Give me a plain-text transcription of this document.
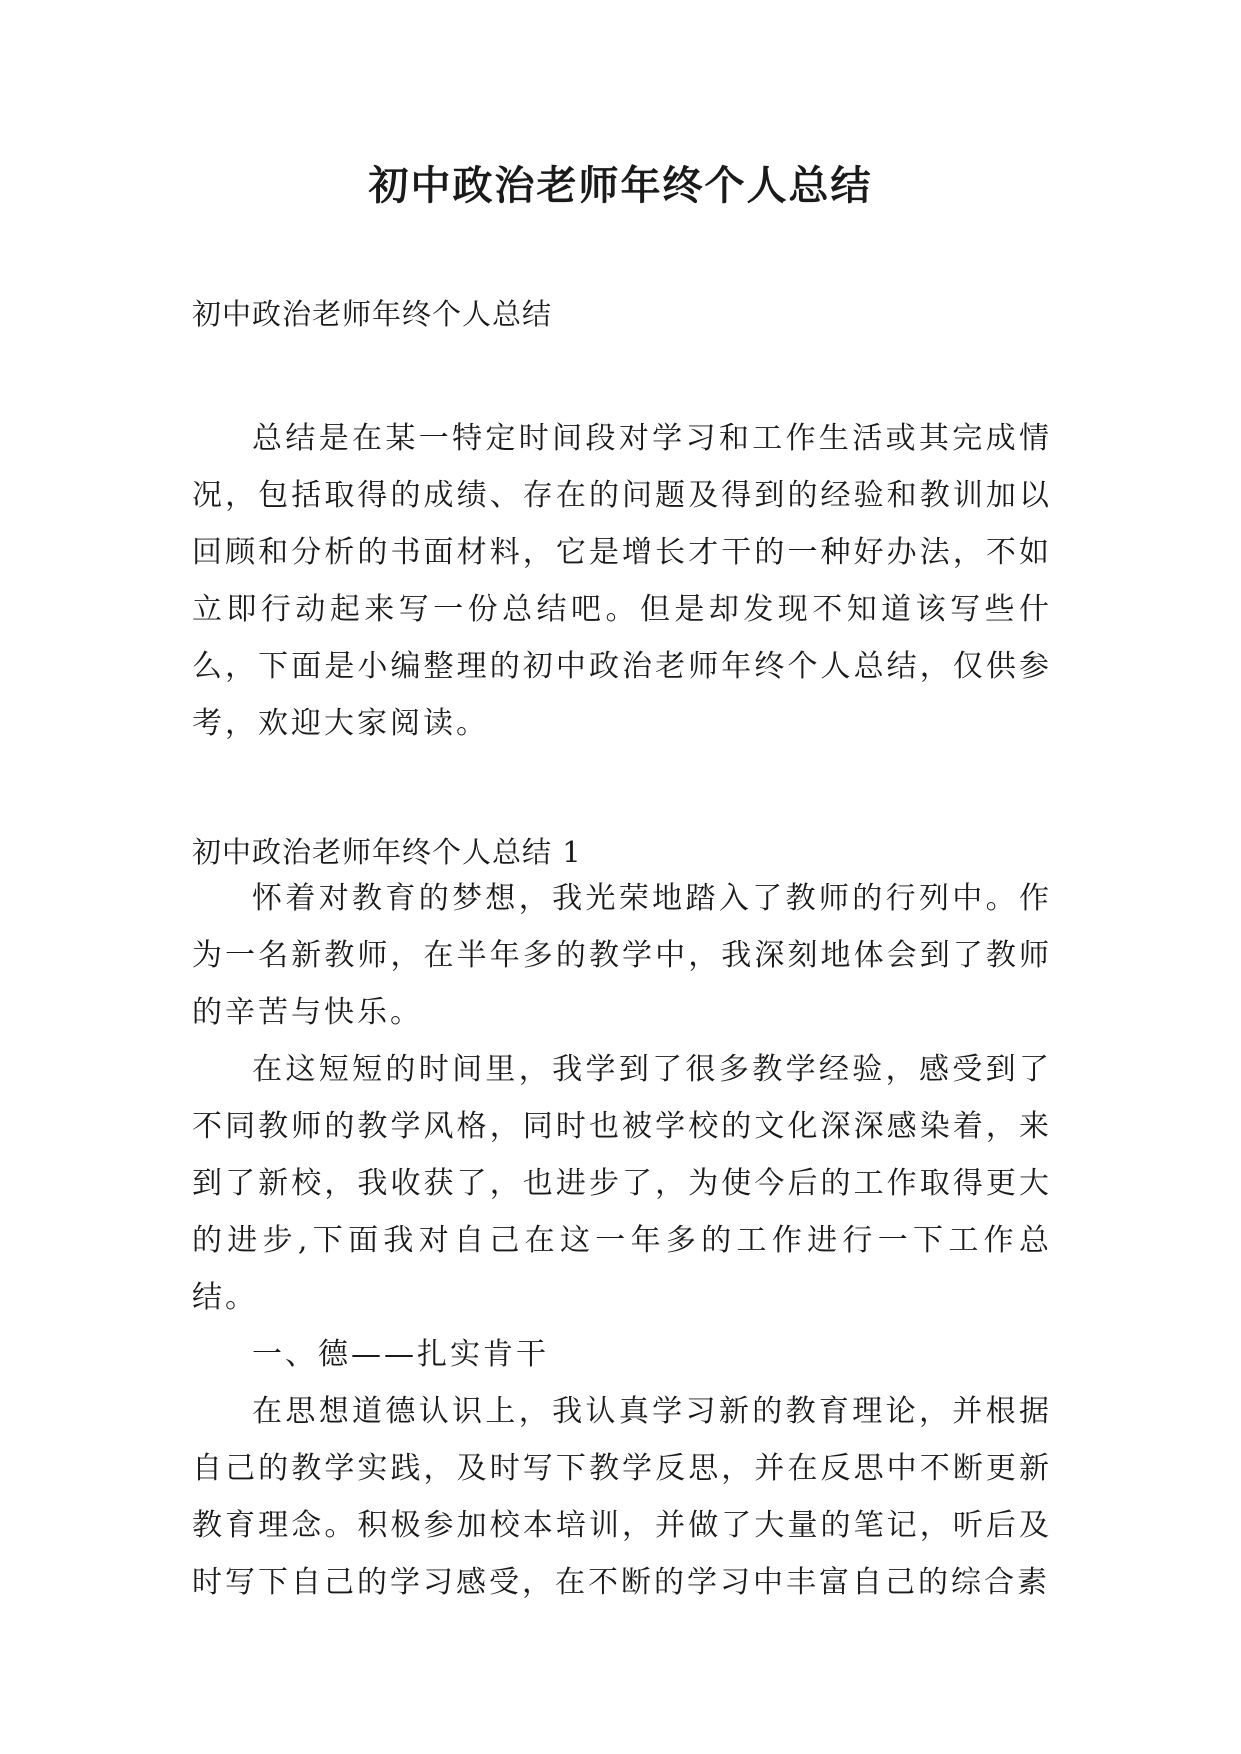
初中政治老师年终个人总结

初中政治老师年终个人总结

总结是在某一特定时间段对学习和工作生活或其完成情况，包括取得的成绩、存在的问题及得到的经验和教训加以回顾和分析的书面材料，它是增长才干的一种好办法，不如立即行动起来写一份总结吧。但是却发现不知道该写些什么，下面是小编整理的初中政治老师年终个人总结，仅供参考，欢迎大家阅读。

初中政治老师年终个人总结 1

怀着对教育的梦想，我光荣地踏入了教师的行列中。作为一名新教师，在半年多的教学中，我深刻地体会到了教师的辛苦与快乐。

在这短短的时间里，我学到了很多教学经验，感受到了不同教师的教学风格，同时也被学校的文化深深感染着，来到了新校，我收获了，也进步了，为使今后的工作取得更大的进步,下面我对自己在这一年多的工作进行一下工作总结。

一、德——扎实肯干

在思想道德认识上，我认真学习新的教育理论，并根据自己的教学实践，及时写下教学反思，并在反思中不断更新教育理念。积极参加校本培训，并做了大量的笔记，听后及时写下自己的学习感受，在不断的学习中丰富自己的综合素
